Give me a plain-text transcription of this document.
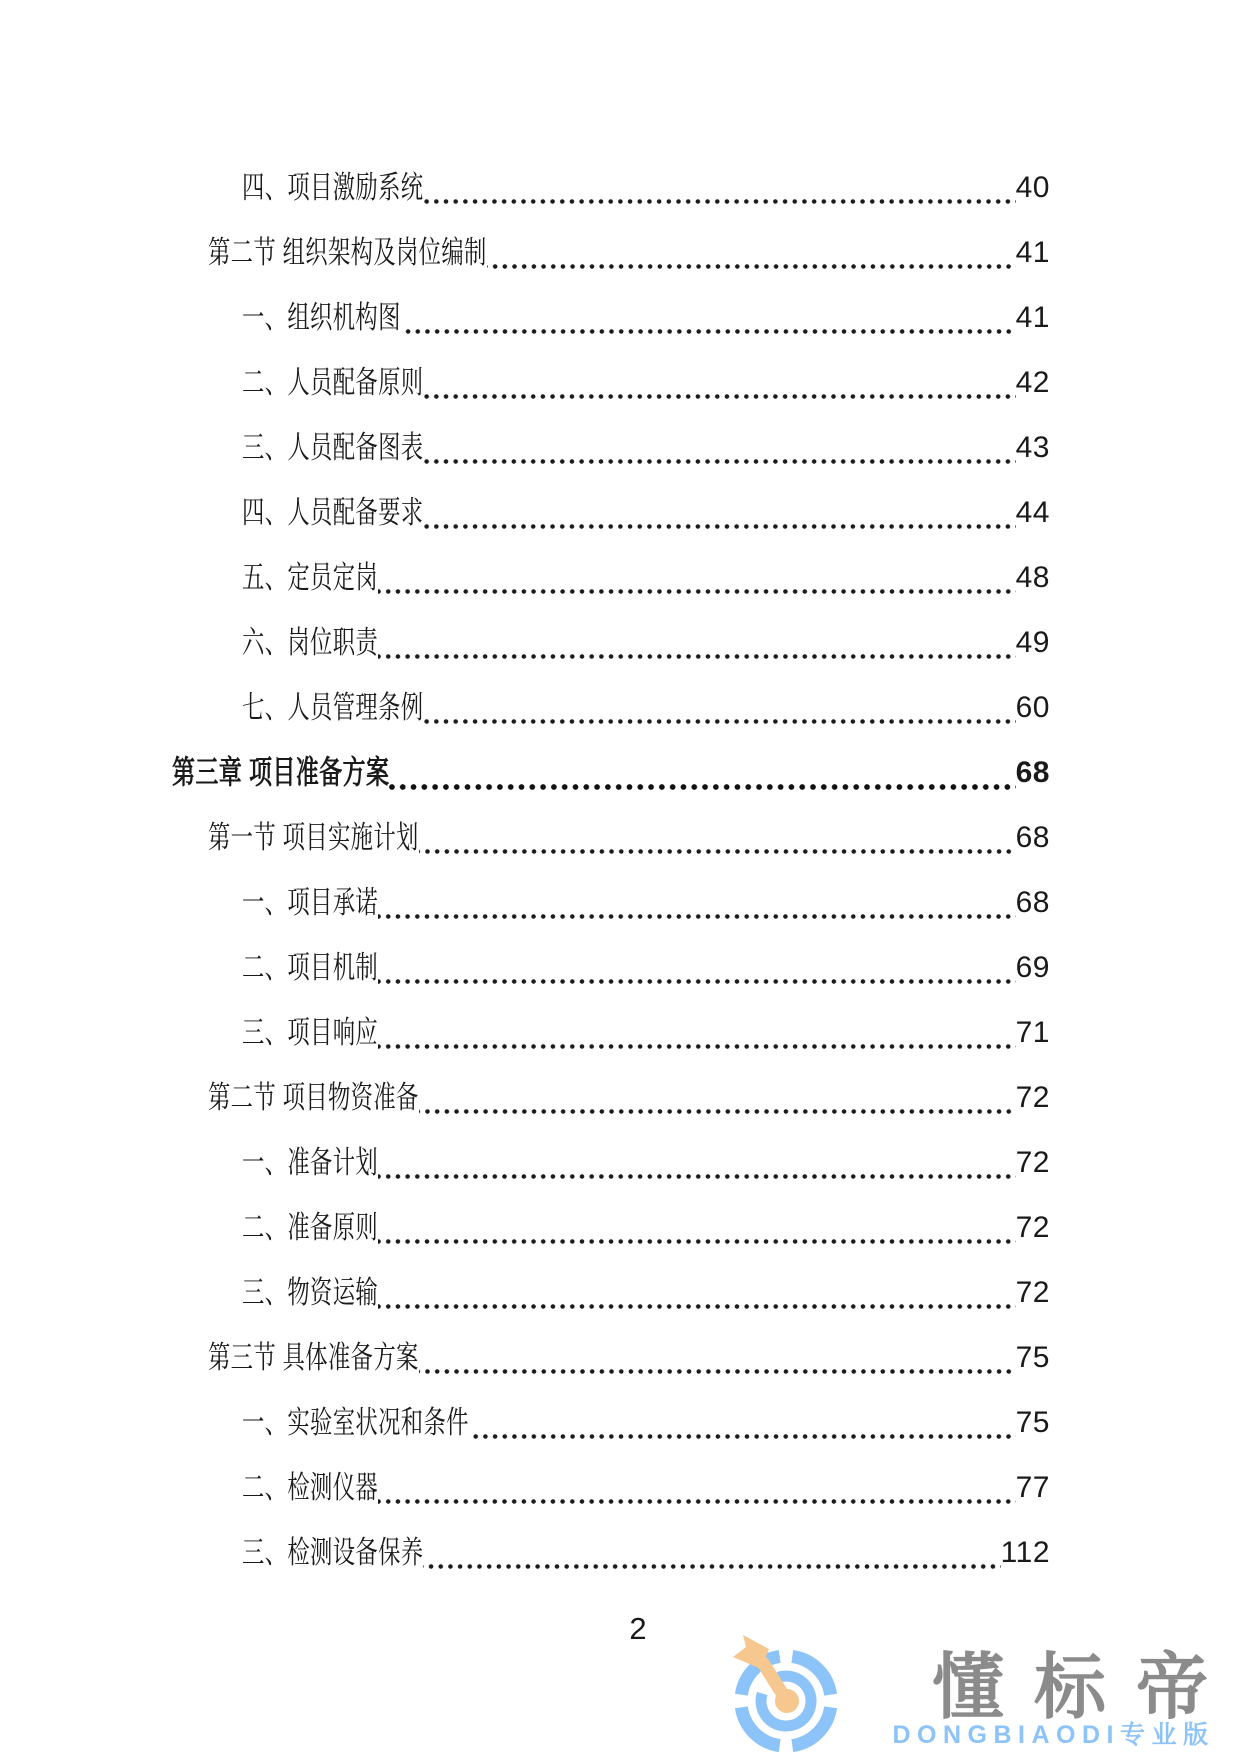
四、项目激励系统	40
第二节 组织架构及岗位编制	41
一、组织机构图	41
二、人员配备原则	42
三、人员配备图表	43
四、人员配备要求	44
五、定员定岗	48
六、岗位职责	49
七、人员管理条例	60
第三章 项目准备方案	68
第一节 项目实施计划	68
一、项目承诺	68
二、项目机制	69
三、项目响应	71
第二节 项目物资准备	72
一、准备计划	72
二、准备原则	72
三、物资运输	72
第三节 具体准备方案	75
一、实验室状况和条件	75
二、检测仪器	77
三、检测设备保养	112
2
懂标帝
DONGBIAODI专业版
